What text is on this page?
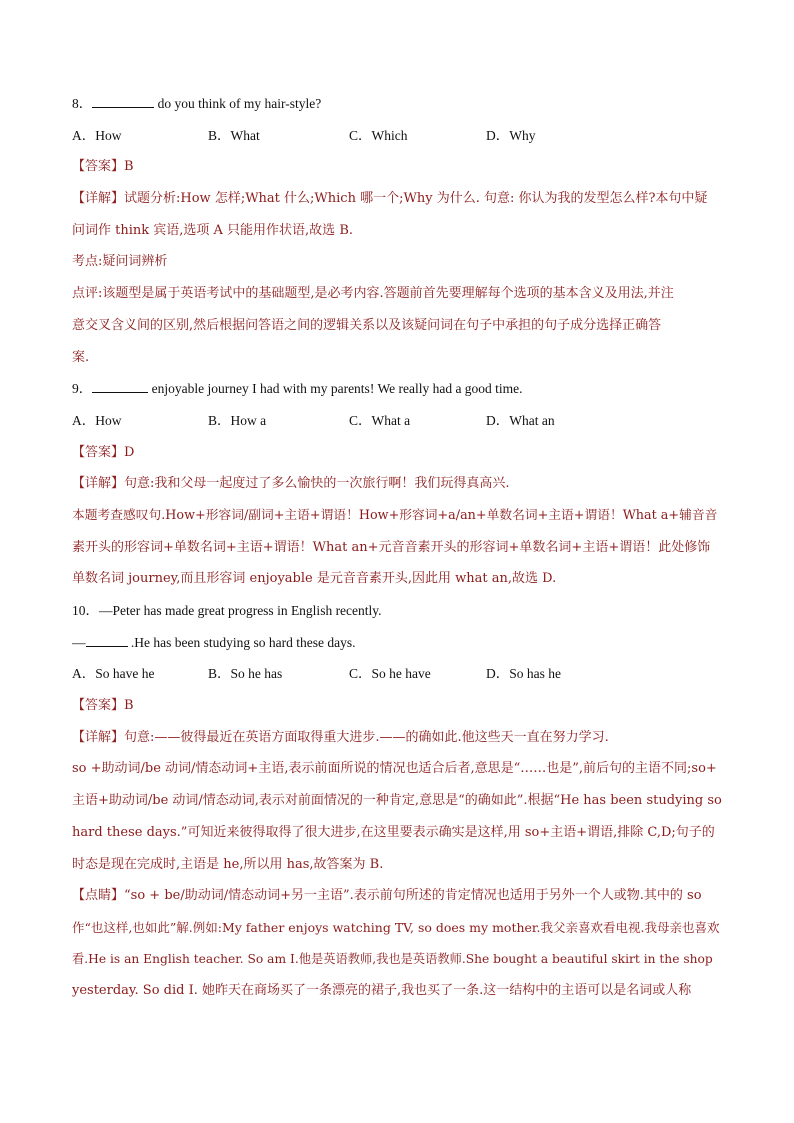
8．	do you think of my hair-style?
A．How	B．What	C．Which	D．Why
【答案】B
【详解】试题分析:How 怎样;What 什么;Which 哪一个;Why 为什么. 句意: 你认为我的发型怎么样?本句中疑
问词作 think 宾语,选项 A 只能用作状语,故选 B.
考点:疑问词辨析
点评:该题型是属于英语考试中的基础题型,是必考内容.答题前首先要理解每个选项的基本含义及用法,并注
意交叉含义间的区别,然后根据问答语之间的逻辑关系以及该疑问词在句子中承担的句子成分选择正确答
案.
9．	enjoyable journey I had with my parents! We really had a good time.
A．How	B．How a	C．What a	D．What an
【答案】D
【详解】句意:我和父母一起度过了多么愉快的一次旅行啊！我们玩得真高兴.
本题考查感叹句.How+形容词/副词+主语+谓语！How+形容词+a/an+单数名词+主语+谓语！What a+辅音音
素开头的形容词+单数名词+主语+谓语！What an+元音音素开头的形容词+单数名词+主语+谓语！此处修饰
单数名词 journey,而且形容词 enjoyable 是元音音素开头,因此用 what an,故选 D.
10．—Peter has made great progress in English recently.
—	.He has been studying so hard these days.
A．So have he	B．So he has	C．So he have	D．So has he
【答案】B
【详解】句意:——彼得最近在英语方面取得重大进步.——的确如此.他这些天一直在努力学习.
so +助动词/be 动词/情态动词+主语,表示前面所说的情况也适合后者,意思是“……也是”,前后句的主语不同;so+
主语+助动词/be 动词/情态动词,表示对前面情况的一种肯定,意思是“的确如此”.根据“He has been studying so
hard these days.”可知近来彼得取得了很大进步,在这里要表示确实是这样,用 so+主语+谓语,排除 C,D;句子的
时态是现在完成时,主语是 he,所以用 has,故答案为 B.
【点睛】“so + be/助动词/情态动词+另一主语”.表示前句所述的肯定情况也适用于另外一个人或物.其中的 so
作“也这样,也如此”解.例如:My father enjoys watching TV, so does my mother.我父亲喜欢看电视.我母亲也喜欢
看.He is an English teacher. So am I.他是英语教师,我也是英语教师.She bought a beautiful skirt in the shop
yesterday. So did I. 她昨天在商场买了一条漂亮的裙子,我也买了一条.这一结构中的主语可以是名词或人称
